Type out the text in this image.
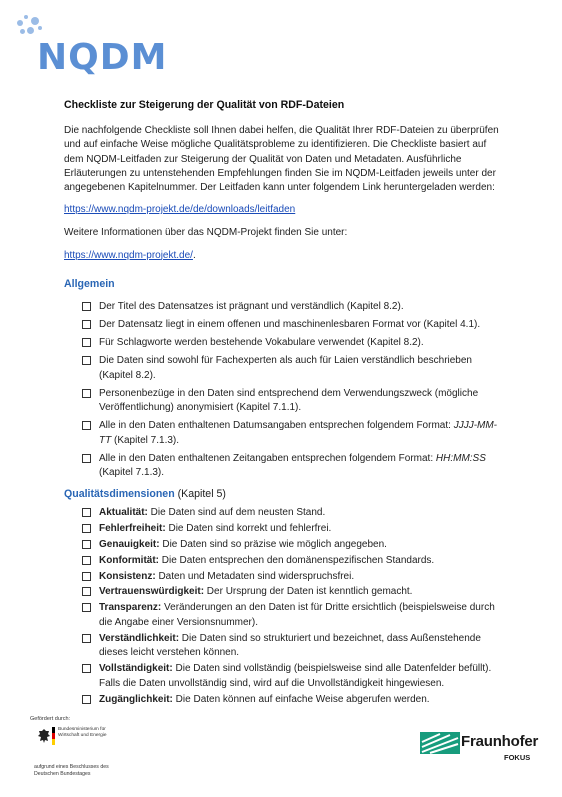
NQDM
Checkliste zur Steigerung der Qualität von RDF-Dateien

Die nachfolgende Checkliste soll Ihnen dabei helfen, die Qualität Ihrer RDF-Dateien zu überprüfen und auf einfache Weise mögliche Qualitätsprobleme zu identifizieren. Die Checkliste basiert auf dem NQDM-Leitfaden zur Steigerung der Qualität von Daten und Metadaten. Ausführliche Erläuterungen zu untenstehenden Empfehlungen finden Sie im NQDM-Leitfaden jeweils unter der angegebenen Kapitelnummer. Der Leitfaden kann unter folgendem Link heruntergeladen werden:

https://www.nqdm-projekt.de/de/downloads/leitfaden

Weitere Informationen über das NQDM-Projekt finden Sie unter:

https://www.nqdm-projekt.de/.

Allgemein
Der Titel des Datensatzes ist prägnant und verständlich (Kapitel 8.2).
Der Datensatz liegt in einem offenen und maschinenlesbaren Format vor (Kapitel 4.1).
Für Schlagworte werden bestehende Vokabulare verwendet (Kapitel 8.2).
Die Daten sind sowohl für Fachexperten als auch für Laien verständlich beschrieben (Kapitel 8.2).
Personenbezüge in den Daten sind entsprechend dem Verwendungszweck (mögliche Veröffentlichung) anonymisiert (Kapitel 7.1.1).
Alle in den Daten enthaltenen Datumsangaben entsprechen folgendem Format: JJJJ-MM-TT (Kapitel 7.1.3).
Alle in den Daten enthaltenen Zeitangaben entsprechen folgendem Format: HH:MM:SS (Kapitel 7.1.3).
Qualitätsdimensionen (Kapitel 5)
Aktualität: Die Daten sind auf dem neusten Stand.
Fehlerfreiheit: Die Daten sind korrekt und fehlerfrei.
Genauigkeit: Die Daten sind so präzise wie möglich angegeben.
Konformität: Die Daten entsprechen den domänenspezifischen Standards.
Konsistenz: Daten und Metadaten sind widerspruchsfrei.
Vertrauenswürdigkeit: Der Ursprung der Daten ist kenntlich gemacht.
Transparenz: Veränderungen an den Daten ist für Dritte ersichtlich (beispielsweise durch die Angabe einer Versionsnummer).
Verständlichkeit: Die Daten sind so strukturiert und bezeichnet, dass Außenstehende dieses leicht verstehen können.
Vollständigkeit: Die Daten sind vollständig (beispielsweise sind alle Datenfelder befüllt). Falls die Daten unvollständig sind, wird auf die Unvollständigkeit hingewiesen.
Zugänglichkeit: Die Daten können auf einfache Weise abgerufen werden.
Gefördert durch:
Bundesministerium für Wirtschaft und Energie
aufgrund eines Beschlusses des Deutschen Bundestages
Fraunhofer
FOKUS
